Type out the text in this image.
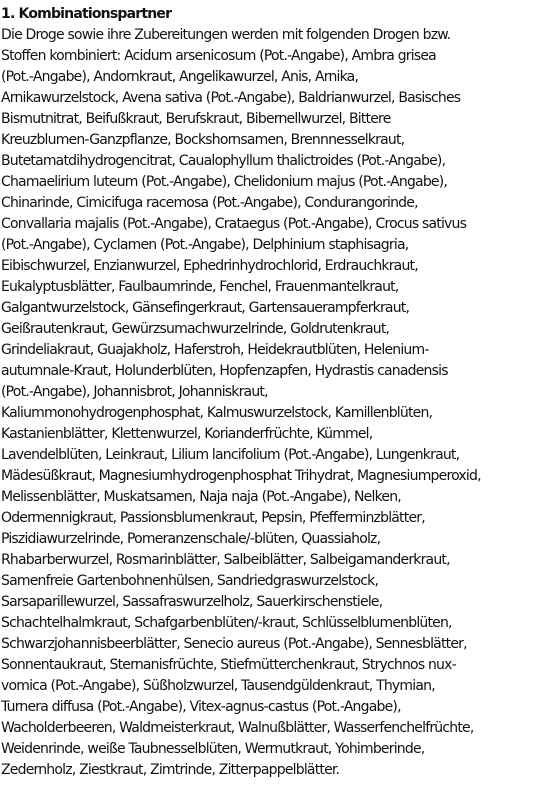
1. Kombinationspartner
Die Droge sowie ihre Zubereitungen werden mit folgenden Drogen bzw.
Stoffen kombiniert: Acidum arsenicosum (Pot.-Angabe), Ambra grisea
(Pot.-Angabe), Andornkraut, Angelikawurzel, Anis, Arnika,
Arnikawurzelstock, Avena sativa (Pot.-Angabe), Baldrianwurzel, Basisches
Bismutnitrat, Beifußkraut, Berufskraut, Bibernellwurzel, Bittere
Kreuzblumen-Ganzpflanze, Bockshornsamen, Brennnesselkraut,
Butetamatdihydrogencitrat, Caualophyllum thalictroides (Pot.-Angabe),
Chamaelirium luteum (Pot.-Angabe), Chelidonium majus (Pot.-Angabe),
Chinarinde, Cimicifuga racemosa (Pot.-Angabe), Condurangorinde,
Convallaria majalis (Pot.-Angabe), Crataegus (Pot.-Angabe), Crocus sativus
(Pot.-Angabe), Cyclamen (Pot.-Angabe), Delphinium staphisagria,
Eibischwurzel, Enzianwurzel, Ephedrinhydrochlorid, Erdrauchkraut,
Eukalyptusblätter, Faulbaumrinde, Fenchel, Frauenmantelkraut,
Galgantwurzelstock, Gänsefingerkraut, Gartensauerampferkraut,
Geißrautenkraut, Gewürzsumachwurzelrinde, Goldrutenkraut,
Grindeliakraut, Guajakholz, Haferstroh, Heidekrautblüten, Helenium-
autumnale-Kraut, Holunderblüten, Hopfenzapfen, Hydrastis canadensis
(Pot.-Angabe), Johannisbrot, Johanniskraut,
Kaliummonohydrogenphosphat, Kalmuswurzelstock, Kamillenblüten,
Kastanienblätter, Klettenwurzel, Korianderfrüchte, Kümmel,
Lavendelblüten, Leinkraut, Lilium lancifolium (Pot.-Angabe), Lungenkraut,
Mädesüßkraut, Magnesiumhydrogenphosphat Trihydrat, Magnesiumperoxid,
Melissenblätter, Muskatsamen, Naja naja (Pot.-Angabe), Nelken,
Odermennigkraut, Passionsblumenkraut, Pepsin, Pfefferminzblätter,
Piszidiawurzelrinde, Pomeranzenschale/-blüten, Quassiaholz,
Rhabarberwurzel, Rosmarinblätter, Salbeiblätter, Salbeigamanderkraut,
Samenfreie Gartenbohnenhülsen, Sandriedgraswurzelstock,
Sarsaparillewurzel, Sassafraswurzelholz, Sauerkirschenstiele,
Schachtelhalmkraut, Schafgarbenblüten/-kraut, Schlüsselblumenblüten,
Schwarzjohannisbeerblätter, Senecio aureus (Pot.-Angabe), Sennesblätter,
Sonnentaukraut, Sternanisfrüchte, Stiefmütterchenkraut, Strychnos nux-
vomica (Pot.-Angabe), Süßholzwurzel, Tausendgüldenkraut, Thymian,
Turnera diffusa (Pot.-Angabe), Vitex-agnus-castus (Pot.-Angabe),
Wacholderbeeren, Waldmeisterkraut, Walnußblätter, Wasserfenchelfrüchte,
Weidenrinde, weiße Taubnesselblüten, Wermutkraut, Yohimberinde,
Zedernholz, Ziestkraut, Zimtrinde, Zitterpappelblätter.
